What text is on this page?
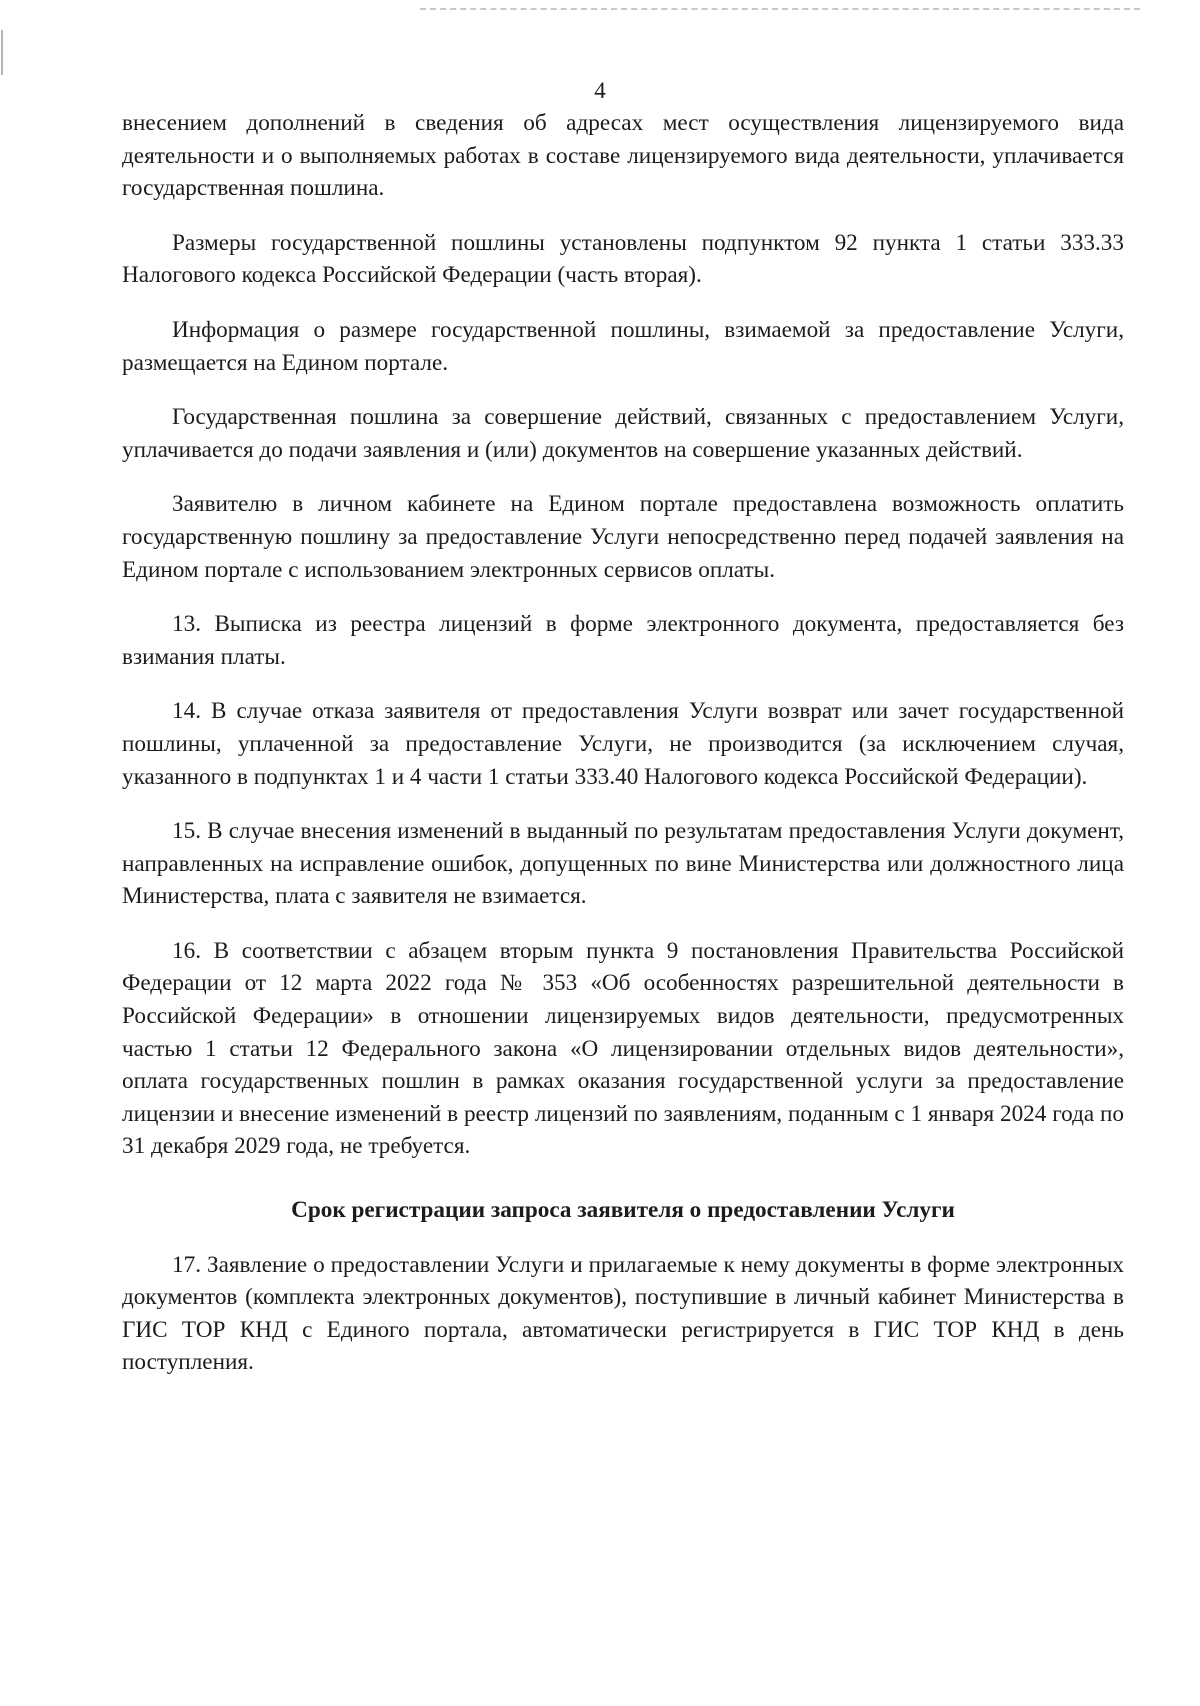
4

внесением дополнений в сведения об адресах мест осуществления лицензируемого вида деятельности и о выполняемых работах в составе лицензируемого вида деятельности, уплачивается государственная пошлина.

Размеры государственной пошлины установлены подпунктом 92 пункта 1 статьи 333.33 Налогового кодекса Российской Федерации (часть вторая).

Информация о размере государственной пошлины, взимаемой за предоставление Услуги, размещается на Едином портале.

Государственная пошлина за совершение действий, связанных с предоставлением Услуги, уплачивается до подачи заявления и (или) документов на совершение указанных действий.

Заявителю в личном кабинете на Едином портале предоставлена возможность оплатить государственную пошлину за предоставление Услуги непосредственно перед подачей заявления на Едином портале с использованием электронных сервисов оплаты.

13. Выписка из реестра лицензий в форме электронного документа, предоставляется без взимания платы.

14. В случае отказа заявителя от предоставления Услуги возврат или зачет государственной пошлины, уплаченной за предоставление Услуги, не производится (за исключением случая, указанного в подпунктах 1 и 4 части 1 статьи 333.40 Налогового кодекса Российской Федерации).

15. В случае внесения изменений в выданный по результатам предоставления Услуги документ, направленных на исправление ошибок, допущенных по вине Министерства или должностного лица Министерства, плата с заявителя не взимается.

16. В соответствии с абзацем вторым пункта 9 постановления Правительства Российской Федерации от 12 марта 2022 года № 353 «Об особенностях разрешительной деятельности в Российской Федерации» в отношении лицензируемых видов деятельности, предусмотренных частью 1 статьи 12 Федерального закона «О лицензировании отдельных видов деятельности», оплата государственных пошлин в рамках оказания государственной услуги за предоставление лицензии и внесение изменений в реестр лицензий по заявлениям, поданным с 1 января 2024 года по 31 декабря 2029 года, не требуется.

Срок регистрации запроса заявителя о предоставлении Услуги

17. Заявление о предоставлении Услуги и прилагаемые к нему документы в форме электронных документов (комплекта электронных документов), поступившие в личный кабинет Министерства в ГИС ТОР КНД с Единого портала, автоматически регистрируется в ГИС ТОР КНД в день поступления.
